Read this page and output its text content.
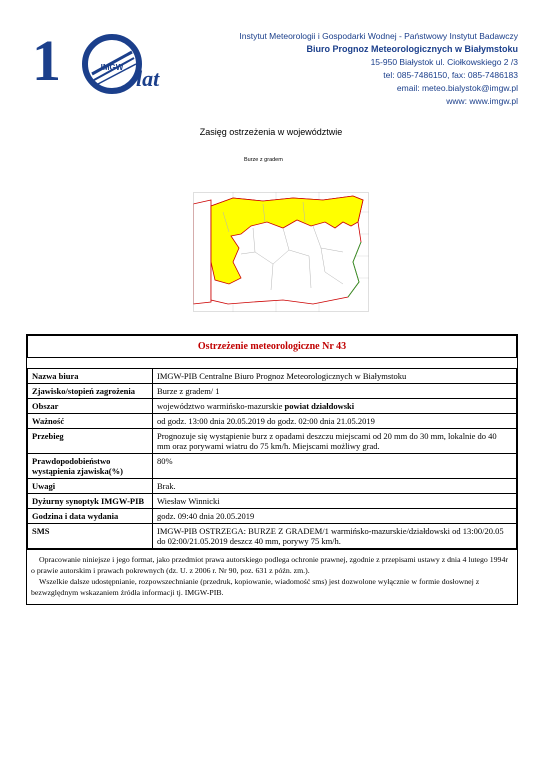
1	IMGW lat
Instytut Meteorologii i Gospodarki Wodnej - Państwowy Instytut Badawczy
Biuro Prognoz Meteorologicznych w Białymstoku
15-950 Białystok ul. Ciołkowskiego 2 /3
tel: 085-7486150, fax: 085-7486183
email: meteo.bialystok@imgw.pl
www: www.imgw.pl
Zasięg ostrzeżenia w województwie
Burze z gradem
Ostrzeżenie meteorologiczne Nr 43	

Nazwa biura	IMGW-PIB Centralne Biuro Prognoz Meteorologicznych w Białymstoku
Zjawisko/stopień zagrożenia	Burze z gradem/ 1
Obszar	województwo warmińsko-mazurskie powiat działdowski
Ważność	od godz. 13:00 dnia 20.05.2019 do godz. 02:00 dnia 21.05.2019
Przebieg	Prognozuje się wystąpienie burz z opadami deszczu miejscami od 20 mm do 30 mm, lokalnie do 40 mm oraz porywami wiatru do 75 km/h. Miejscami możliwy grad.
Prawdopodobieństwo wystąpienia zjawiska(%)	80%
Uwagi	Brak.
Dyżurny synoptyk IMGW-PIB	Wiesław Winnicki
Godzina i data wydania	godz. 09:40 dnia 20.05.2019
SMS	IMGW-PIB OSTRZEGA: BURZE Z GRADEM/1 warmińsko-mazurskie/działdowski od 13:00/20.05 do 02:00/21.05.2019 deszcz 40 mm, porywy 75 km/h.
Opracowanie niniejsze i jego format, jako przedmiot prawa autorskiego podlega ochronie prawnej, zgodnie z przepisami ustawy z dnia 4 lutego 1994r o prawie autorskim i prawach pokrewnych (dz. U. z 2006 r. Nr 90, poz. 631 z późn. zm.).
Wszelkie dalsze udostępnianie, rozpowszechnianie (przedruk, kopiowanie, wiadomość sms) jest dozwolone wyłącznie w formie dosłownej z bezwzględnym wskazaniem źródła informacji tj. IMGW-PIB.
